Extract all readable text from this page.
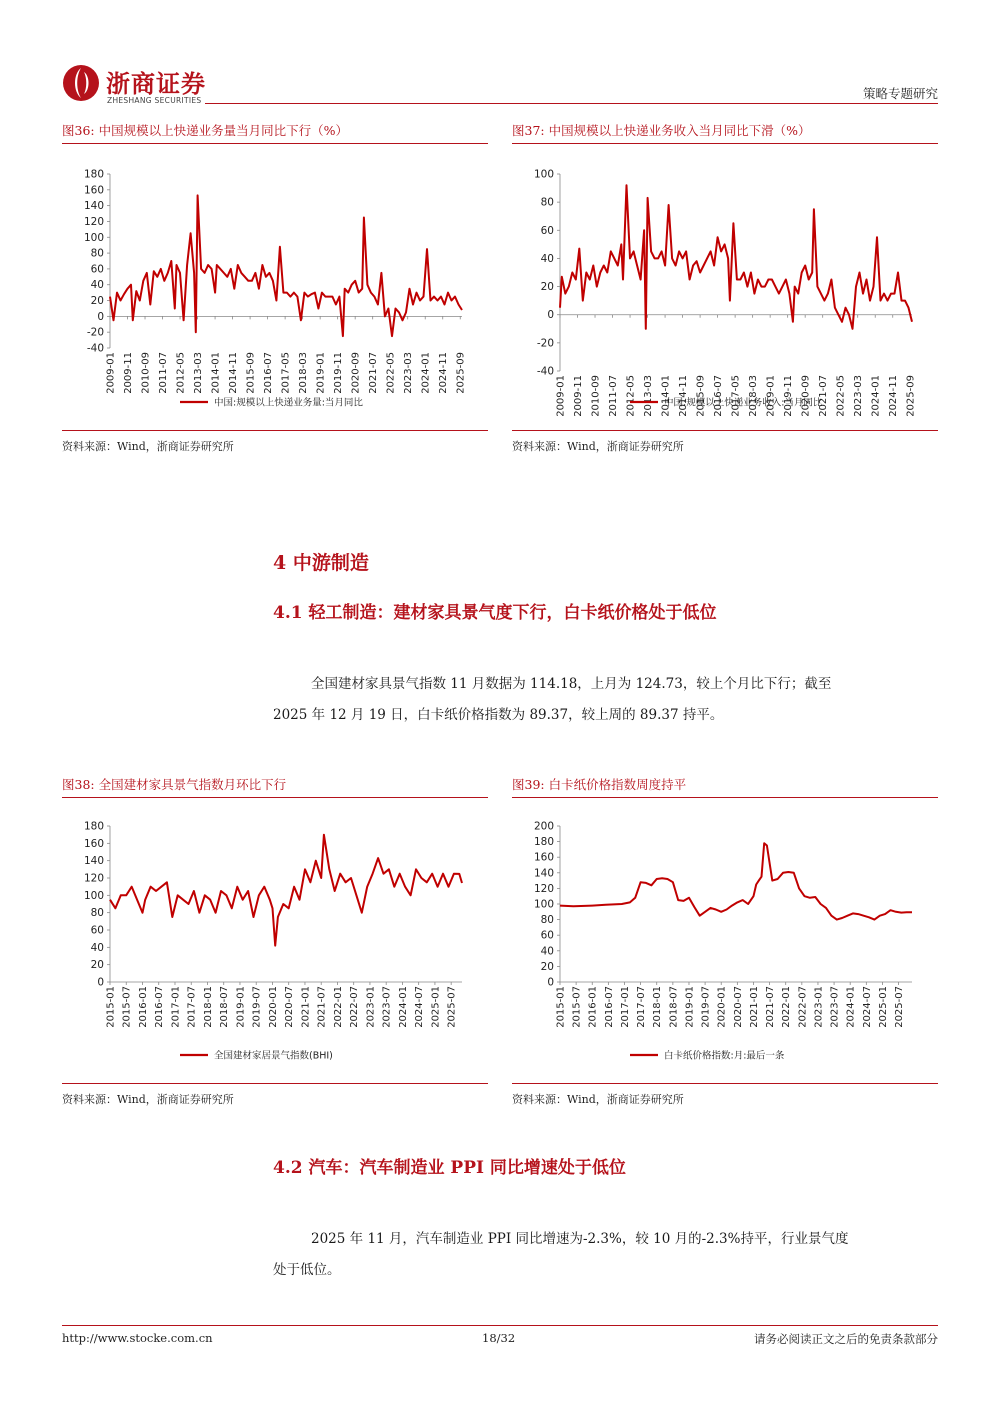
浙商证券
ZHESHANG SECURITIES	策略专题研究
图36: 中国规模以上快递业务量当月同比下行（%）
-40
-20
0
20
40
60
80
100
120
140
160
180
2009-01 2009-11 2010-09 2011-07 2012-05 2013-03 2014-01 2014-11 2015-09 2016-07 2017-05 2018-03 2019-01 2019-11 2020-09 2021-07 2022-05 2023-03 2024-01 2024-11 2025-09
中国:规模以上快递业务量:当月同比
资料来源：Wind，浙商证券研究所
图37: 中国规模以上快递业务收入当月同比下滑（%）
-40
-20
0
20
40
60
80
100
2009-01 2009-11 2010-09 2011-07 2012-05 2013-03 2014-01 2014-11 2015-09 2016-07 2017-05 2018-03 2019-01 2019-11 2020-09 2021-07 2022-05 2023-03 2024-01 2024-11 2025-09
中国:规模以上快递业务收入:当月同比
资料来源：Wind，浙商证券研究所
4 中游制造
4.1 轻工制造：建材家具景气度下行，白卡纸价格处于低位
全国建材家具景气指数 11 月数据为 114.18，上月为 124.73，较上个月比下行；截至
2025 年 12 月 19 日，白卡纸价格指数为 89.37，较上周的 89.37 持平。
图38: 全国建材家具景气指数月环比下行
0
20
40
60
80
100
120
140
160
180
2015-01 2015-07 2016-01 2016-07 2017-01 2017-07 2018-01 2018-07 2019-01 2019-07 2020-01 2020-07 2021-01 2021-07 2022-01 2022-07 2023-01 2023-07 2024-01 2024-07 2025-01 2025-07
全国建材家居景气指数(BHI)
资料来源：Wind，浙商证券研究所
图39: 白卡纸价格指数周度持平
0
20
40
60
80
100
120
140
160
180
200
2015-01 2015-07 2016-01 2016-07 2017-01 2017-07 2018-01 2018-07 2019-01 2019-07 2020-01 2020-07 2021-01 2021-07 2022-01 2022-07 2023-01 2023-07 2024-01 2024-07 2025-01 2025-07
白卡纸价格指数:月:最后一条
资料来源：Wind，浙商证券研究所
4.2 汽车：汽车制造业 PPI 同比增速处于低位
2025 年 11 月，汽车制造业 PPI 同比增速为-2.3%，较 10 月的-2.3%持平，行业景气度
处于低位。
http://www.stocke.com.cn	18/32	请务必阅读正文之后的免责条款部分
